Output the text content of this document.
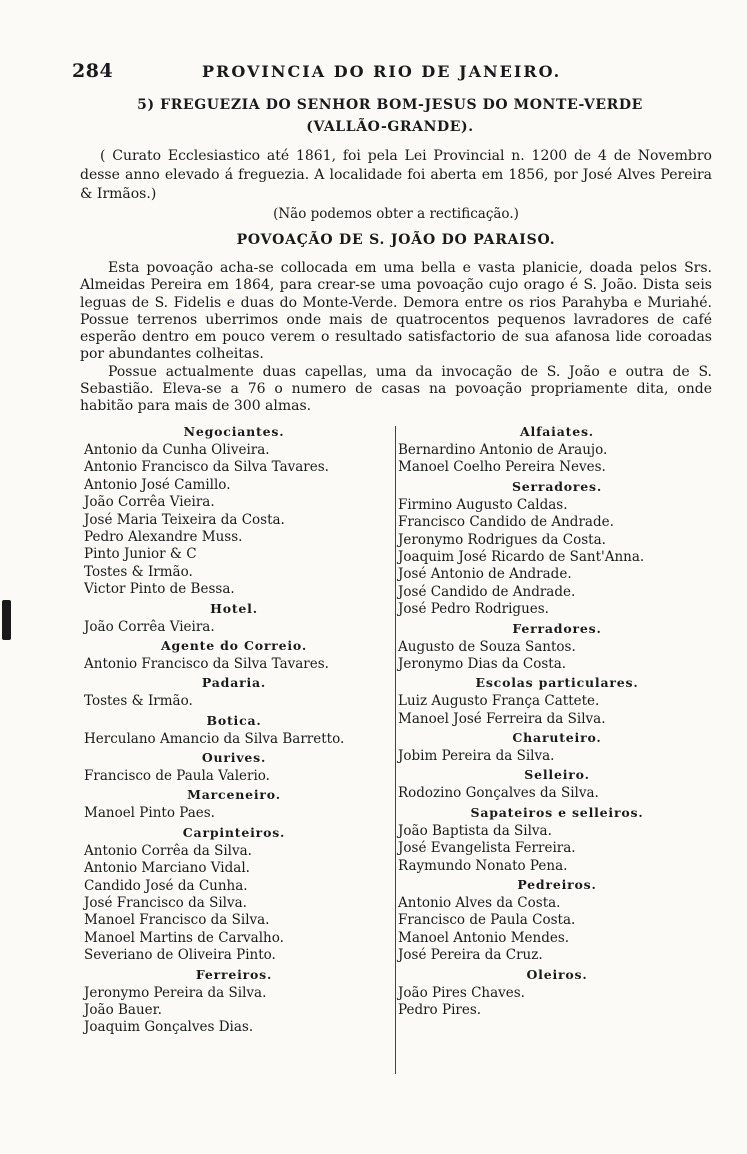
284	PROVINCIA DO RIO DE JANEIRO.
5) FREGUEZIA DO SENHOR BOM-JESUS DO MONTE-VERDE
(VALLÃO-GRANDE).
( Curato Ecclesiastico até 1861, foi pela Lei Provincial n. 1200 de 4 de Novembro desse anno elevado á freguezia. A localidade foi aberta em 1856, por José Alves Pereira & Irmãos.)
(Não podemos obter a rectificação.)
POVOAÇÃO DE S. JOÃO DO PARAISO.

Esta povoação acha-se collocada em uma bella e vasta planicie, doada pelos Srs. Almeidas Pereira em 1864, para crear-se uma povoação cujo orago é S. João. Dista seis leguas de S. Fidelis e duas do Monte-Verde. Demora entre os rios Parahyba e Muriahé. Possue terrenos uberrimos onde mais de quatrocentos pequenos lavradores de café esperão dentro em pouco verem o resultado satisfactorio de sua afanosa lide coroadas por abundantes colheitas.

Possue actualmente duas capellas, uma da invocação de S. João e outra de S. Sebastião. Eleva-se a 76 o numero de casas na povoação propriamente dita, onde habitão para mais de 300 almas.

Negociantes.
Antonio da Cunha Oliveira.
Antonio Francisco da Silva Tavares.
Antonio José Camillo.
João Corrêa Vieira.
José Maria Teixeira da Costa.
Pedro Alexandre Muss.
Pinto Junior & C
Tostes & Irmão.
Victor Pinto de Bessa.
Hotel.
João Corrêa Vieira.
Agente do Correio.
Antonio Francisco da Silva Tavares.
Padaria.
Tostes & Irmão.
Botica.
Herculano Amancio da Silva Barretto.
Ourives.
Francisco de Paula Valerio.
Marceneiro.
Manoel Pinto Paes.
Carpinteiros.
Antonio Corrêa da Silva.
Antonio Marciano Vidal.
Candido José da Cunha.
José Francisco da Silva.
Manoel Francisco da Silva.
Manoel Martins de Carvalho.
Severiano de Oliveira Pinto.
Ferreiros.
Jeronymo Pereira da Silva.
João Bauer.
Joaquim Gonçalves Dias.
Alfaiates.
Bernardino Antonio de Araujo.
Manoel Coelho Pereira Neves.
Serradores.
Firmino Augusto Caldas.
Francisco Candido de Andrade.
Jeronymo Rodrigues da Costa.
Joaquim José Ricardo de Sant'Anna.
José Antonio de Andrade.
José Candido de Andrade.
José Pedro Rodrigues.
Ferradores.
Augusto de Souza Santos.
Jeronymo Dias da Costa.
Escolas particulares.
Luiz Augusto França Cattete.
Manoel José Ferreira da Silva.
Charuteiro.
Jobim Pereira da Silva.
Selleiro.
Rodozino Gonçalves da Silva.
Sapateiros e selleiros.
João Baptista da Silva.
José Evangelista Ferreira.
Raymundo Nonato Pena.
Pedreiros.
Antonio Alves da Costa.
Francisco de Paula Costa.
Manoel Antonio Mendes.
José Pereira da Cruz.
Oleiros.
João Pires Chaves.
Pedro Pires.
